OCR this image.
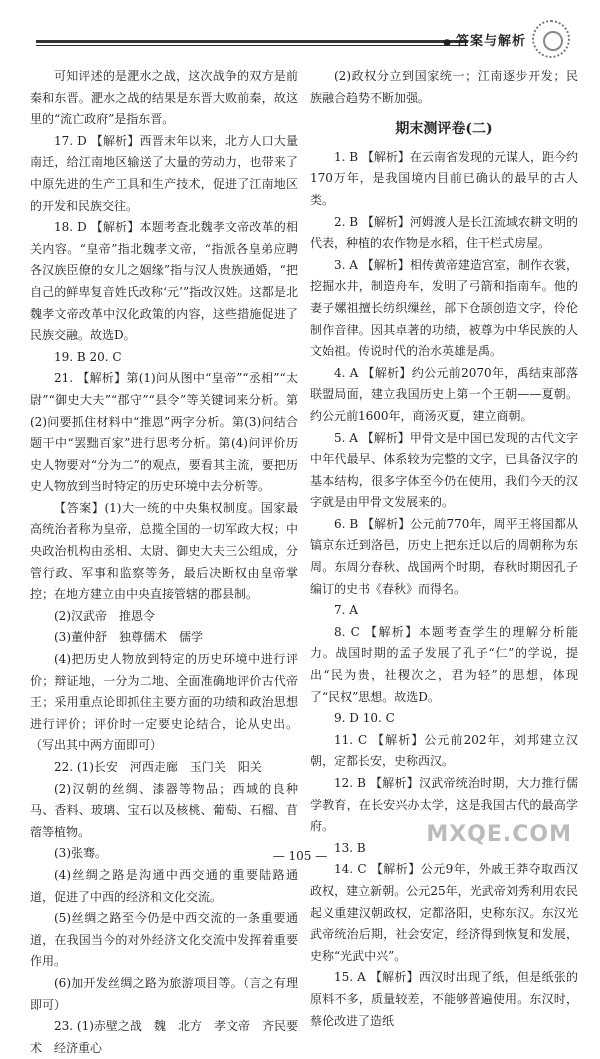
● 答案与解析

可知评述的是淝水之战，这次战争的双方是前秦和东晋。淝水之战的结果是东晋大败前秦，故这里的“流亡政府”是指东晋。

17. D 【解析】西晋末年以来，北方人口大量南迁，给江南地区输送了大量的劳动力，也带来了中原先进的生产工具和生产技术，促进了江南地区的开发和民族交往。

18. D 【解析】本题考查北魏孝文帝改革的相关内容。“皇帝”指北魏孝文帝，“指派各皇弟应聘各汉族臣僚的女儿之姻缘”指与汉人贵族通婚，“把自己的鲜卑复音姓氏改称‘元’”指改汉姓。这都是北魏孝文帝改革中汉化政策的内容，这些措施促进了民族交融。故选D。

19. B 20. C

21. 【解析】第(1)问从图中“皇帝”“丞相”“太尉”“御史大夫”“郡守”“县令”等关键词来分析。第(2)问要抓住材料中“推恩”两字分析。第(3)问结合题干中“罢黜百家”进行思考分析。第(4)问评价历史人物要对“分为二”的观点，要看其主流，要把历史人物放到当时特定的历史环境中去分析等。

【答案】(1)大一统的中央集权制度。国家最高统治者称为皇帝，总揽全国的一切军政大权；中央政治机构由丞相、太尉、御史大夫三公组成，分管行政、军事和监察等务，最后决断权由皇帝掌控；在地方建立由中央直接管辖的郡县制。

(2)汉武帝　推恩令

(3)董仲舒　独尊儒术　儒学

(4)把历史人物放到特定的历史环境中进行评价；辩证地，一分为二地、全面准确地评价古代帝王；采用重点论即抓住主要方面的功绩和政治思想进行评价；评价时一定要史论结合，论从史出。（写出其中两方面即可）

22. (1)长安　河西走廊　玉门关　阳关

(2)汉朝的丝绸、漆器等物品；西域的良种马、香料、玻璃、宝石以及核桃、葡萄、石榴、苜蓿等植物。

(3)张骞。

(4)丝绸之路是沟通中西交通的重要陆路通道，促进了中西的经济和文化交流。

(5)丝绸之路至今仍是中西交流的一条重要通道，在我国当今的对外经济文化交流中发挥着重要作用。

(6)加开发丝绸之路为旅游项目等。（言之有理即可）

23. (1)赤壁之战　魏　北方　孝文帝　齐民要术　经济重心

(2)政权分立到国家统一；江南逐步开发；民族融合趋势不断加强。

期末测评卷(二)

1. B 【解析】在云南省发现的元谋人，距今约170万年，是我国境内目前已确认的最早的古人类。

2. B 【解析】河姆渡人是长江流域农耕文明的代表，种植的农作物是水稻，住干栏式房屋。

3. A 【解析】相传黄帝建造宫室，制作衣裳，挖掘水井，制造舟车，发明了弓箭和指南车。他的妻子嫘祖擅长纺织缫丝，部下仓颉创造文字，伶伦制作音律。因其卓著的功绩，被尊为中华民族的人文始祖。传说时代的治水英雄是禹。

4. A 【解析】约公元前2070年，禹结束部落联盟局面，建立我国历史上第一个王朝——夏朝。约公元前1600年，商汤灭夏，建立商朝。

5. A 【解析】甲骨文是中国已发现的古代文字中年代最早、体系较为完整的文字，已具备汉字的基本结构，很多字体至今仍在使用，我们今天的汉字就是由甲骨文发展来的。

6. B 【解析】公元前770年，周平王将国都从镐京东迁到洛邑，历史上把东迁以后的周朝称为东周。东周分春秋、战国两个时期，春秋时期因孔子编订的史书《春秋》而得名。

7. A

8. C 【解析】本题考查学生的理解分析能力。战国时期的孟子发展了孔子“仁”的学说，提出“民为贵，社稷次之，君为轻”的思想，体现了“民权”思想。故选D。

9. D 10. C

11. C 【解析】公元前202年，刘邦建立汉朝，定都长安，史称西汉。

12. B 【解析】汉武帝统治时期，大力推行儒学教育，在长安兴办太学，这是我国古代的最高学府。

13. B

14. C 【解析】公元9年，外戚王莽夺取西汉政权，建立新朝。公元25年，光武帝刘秀利用农民起义重建汉朝政权，定都洛阳，史称东汉。东汉光武帝统治后期，社会安定，经济得到恢复和发展，史称“光武中兴”。

15. A 【解析】西汉时出现了纸，但是纸张的原料不多，质量较差，不能够普遍使用。东汉时，蔡伦改进了造纸

— 105 —
MXQE.COM
